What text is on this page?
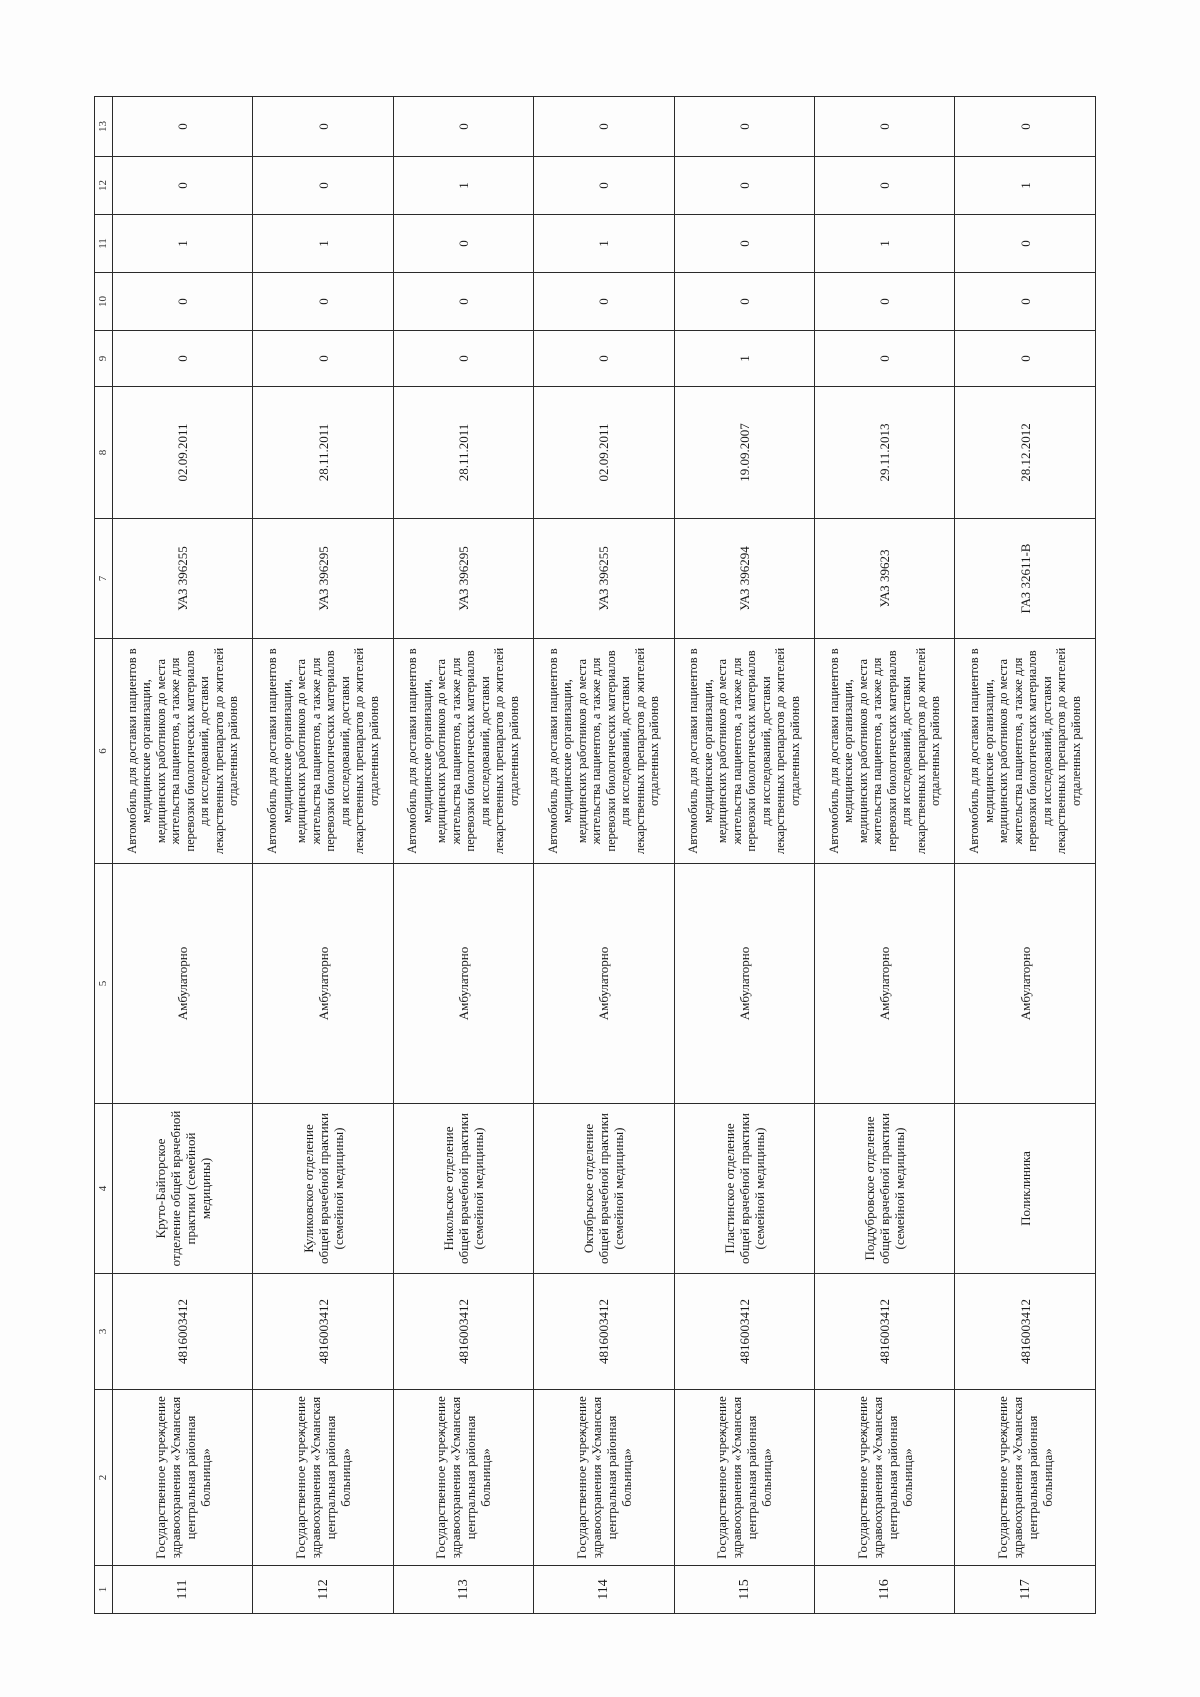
1	2	3	4	5	6	7	8	9	10	11	12	13
111	Государственное учреждение здравоохранения «Усманская центральная районная больница»	4816003412	Круто-Байгорское отделение общей врачебной практики (семейной медицины)	Амбулаторно	Автомобиль для доставки пациентов в медицинские организации, медицинских работников до места жительства пациентов, а также для перевозки биологических материалов для исследований, доставки лекарственных препаратов до жителей отдаленных районов	УАЗ 396255	02.09.2011	0	0	1	0	0
112	Государственное учреждение здравоохранения «Усманская центральная районная больница»	4816003412	Куликовское отделение общей врачебной практики (семейной медицины)	Амбулаторно	Автомобиль для доставки пациентов в медицинские организации, медицинских работников до места жительства пациентов, а также для перевозки биологических материалов для исследований, доставки лекарственных препаратов до жителей отдаленных районов	УАЗ 396295	28.11.2011	0	0	1	0	0
113	Государственное учреждение здравоохранения «Усманская центральная районная больница»	4816003412	Никольское отделение общей врачебной практики (семейной медицины)	Амбулаторно	Автомобиль для доставки пациентов в медицинские организации, медицинских работников до места жительства пациентов, а также для перевозки биологических материалов для исследований, доставки лекарственных препаратов до жителей отдаленных районов	УАЗ 396295	28.11.2011	0	0	0	1	0
114	Государственное учреждение здравоохранения «Усманская центральная районная больница»	4816003412	Октябрьское отделение общей врачебной практики (семейной медицины)	Амбулаторно	Автомобиль для доставки пациентов в медицинские организации, медицинских работников до места жительства пациентов, а также для перевозки биологических материалов для исследований, доставки лекарственных препаратов до жителей отдаленных районов	УАЗ 396255	02.09.2011	0	0	1	0	0
115	Государственное учреждение здравоохранения «Усманская центральная районная больница»	4816003412	Пластинское отделение общей врачебной практики (семейной медицины)	Амбулаторно	Автомобиль для доставки пациентов в медицинские организации, медицинских работников до места жительства пациентов, а также для перевозки биологических материалов для исследований, доставки лекарственных препаратов до жителей отдаленных районов	УАЗ 396294	19.09.2007	1	0	0	0	0
116	Государственное учреждение здравоохранения «Усманская центральная районная больница»	4816003412	Поддубровское отделение общей врачебной практики (семейной медицины)	Амбулаторно	Автомобиль для доставки пациентов в медицинские организации, медицинских работников до места жительства пациентов, а также для перевозки биологических материалов для исследований, доставки лекарственных препаратов до жителей отдаленных районов	УАЗ 39623	29.11.2013	0	0	1	0	0
117	Государственное учреждение здравоохранения «Усманская центральная районная больница»	4816003412	Поликлиника	Амбулаторно	Автомобиль для доставки пациентов в медицинские организации, медицинских работников до места жительства пациентов, а также для перевозки биологических материалов для исследований, доставки лекарственных препаратов до жителей отдаленных районов	ГАЗ 32611-В	28.12.2012	0	0	0	1	0
